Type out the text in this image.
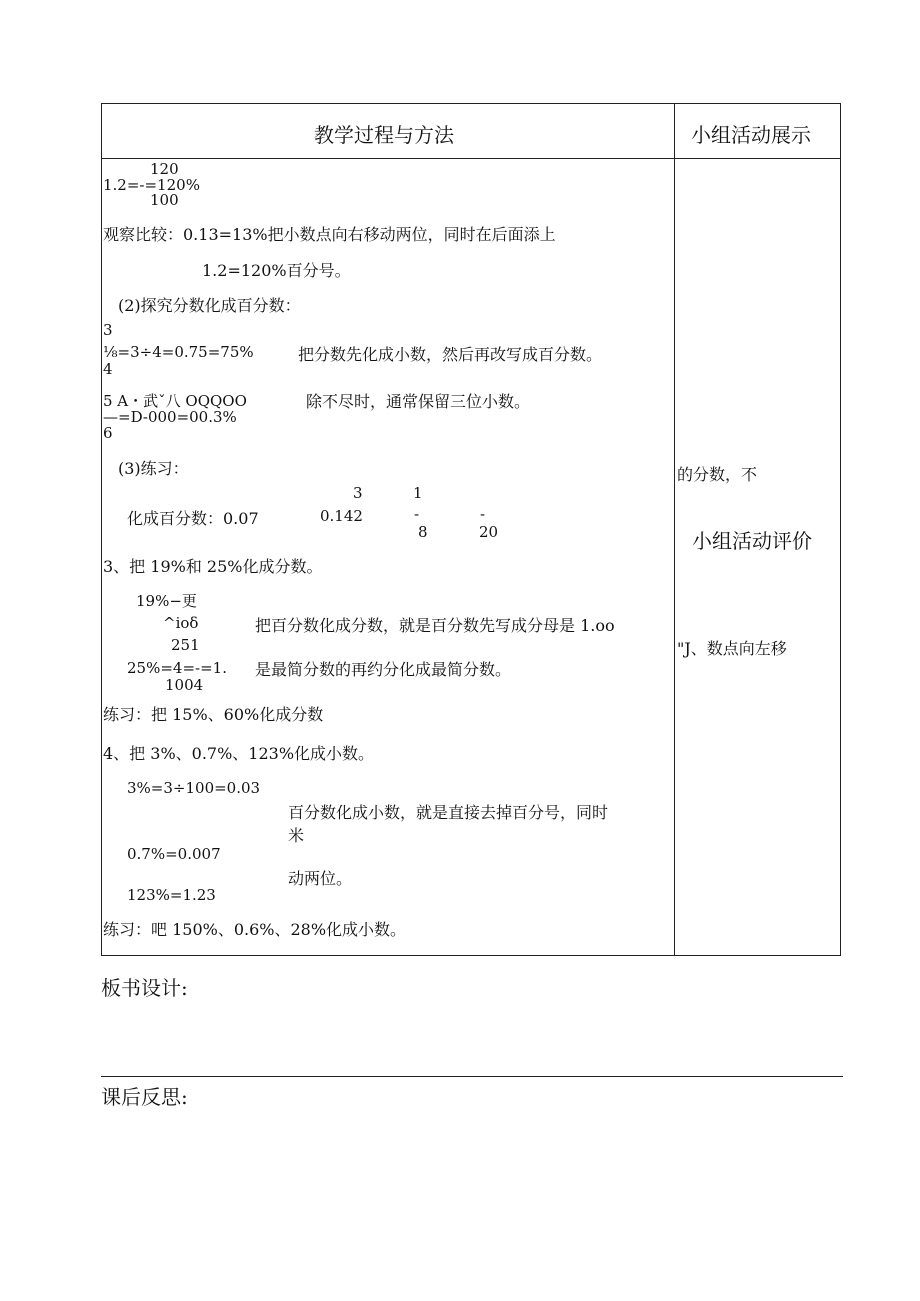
教学过程与方法	小组活动展示
120
1.2=-=120%
100
观察比较：0.13=13%把小数点向右移动两位，同时在后面添上
1.2=120%百分号。
(2)探究分数化成百分数：
3
⅛=3÷4=0.75=75%
4
把分数先化成小数，然后再改写成百分数。
5 A・武ˇ八 OQQOO
—=D-000=00.3%
6
除不尽时，通常保留三位小数。
(3)练习：
3	1
化成百分数：0.07	0.142	-	-
8	20
3、把 19%和 25%化成分数。
19%−更
^ioδ	把百分数化成分数，就是百分数先写成分母是 1.oo
251
25%=4=-=1. 是最简分数的再约分化成最简分数。
1004
练习：把 15%、60%化成分数
4、把 3%、0.7%、123%化成小数。
3%=3÷100=0.03
百分数化成小数，就是直接去掉百分号，同时
米
0.7%=0.007
动两位。
123%=1.23
练习：吧 150%、0.6%、28%化成小数。
的分数，不
小组活动评价
"J、数点向左移
板书设计:
课后反思:
